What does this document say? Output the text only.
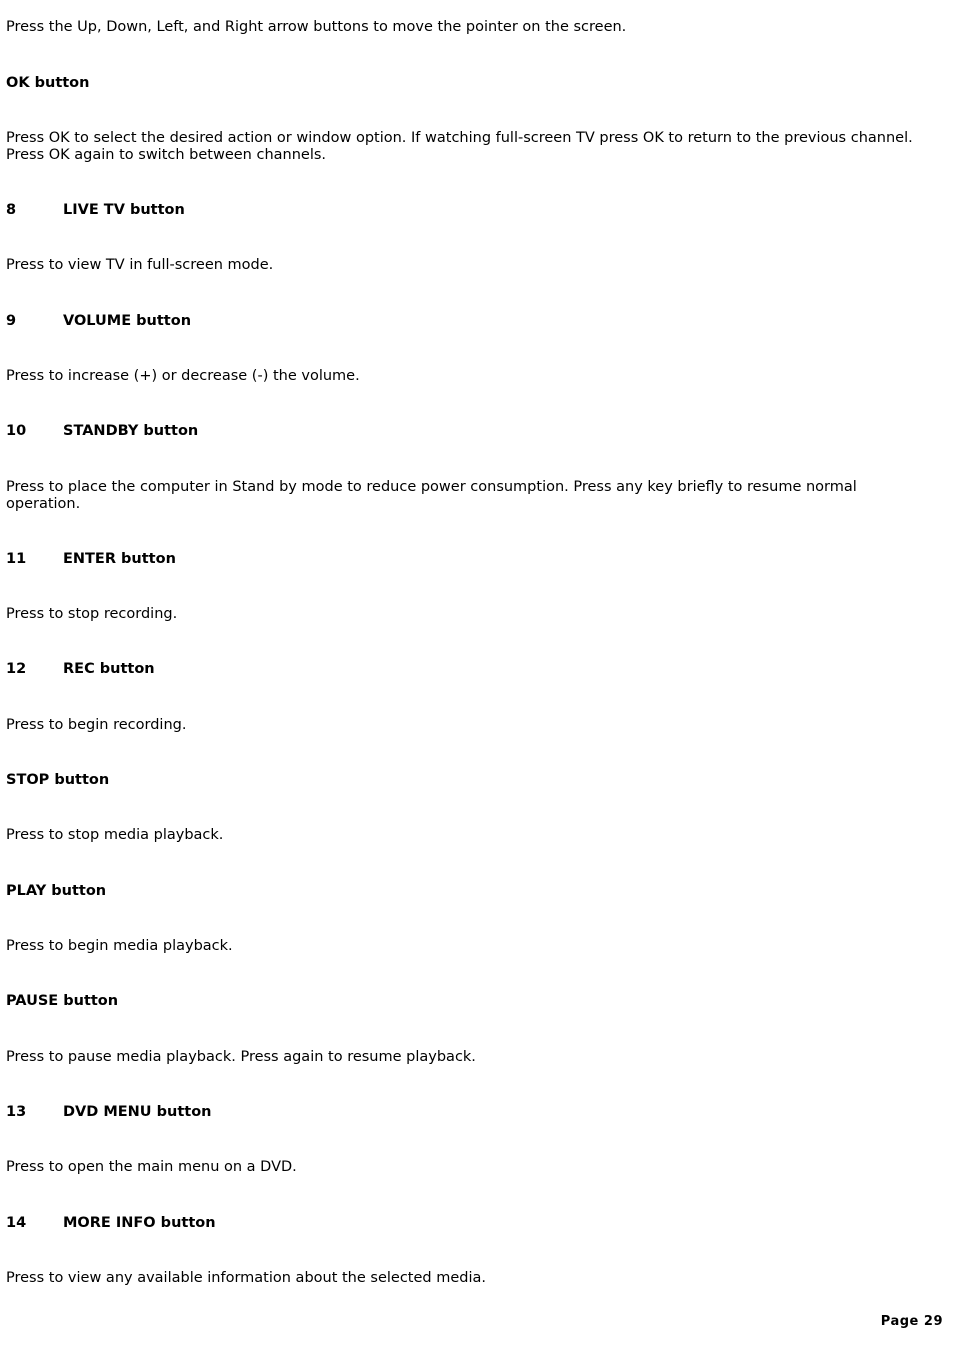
Press the Up, Down, Left, and Right arrow buttons to move the pointer on the screen.

OK button

Press OK to select the desired action or window option. If watching full-screen TV press OK to return to the previous channel. Press OK again to switch between channels.

8	LIVE TV button

Press to view TV in full-screen mode.

9	VOLUME button

Press to increase (+) or decrease (-) the volume.

10	STANDBY button

Press to place the computer in Stand by mode to reduce power consumption. Press any key briefly to resume normal operation.

11	ENTER button

Press to stop recording.

12	REC button

Press to begin recording.

STOP button

Press to stop media playback.

PLAY button

Press to begin media playback.

PAUSE button

Press to pause media playback. Press again to resume playback.

13	DVD MENU button

Press to open the main menu on a DVD.

14	MORE INFO button

Press to view any available information about the selected media.

Page 29
